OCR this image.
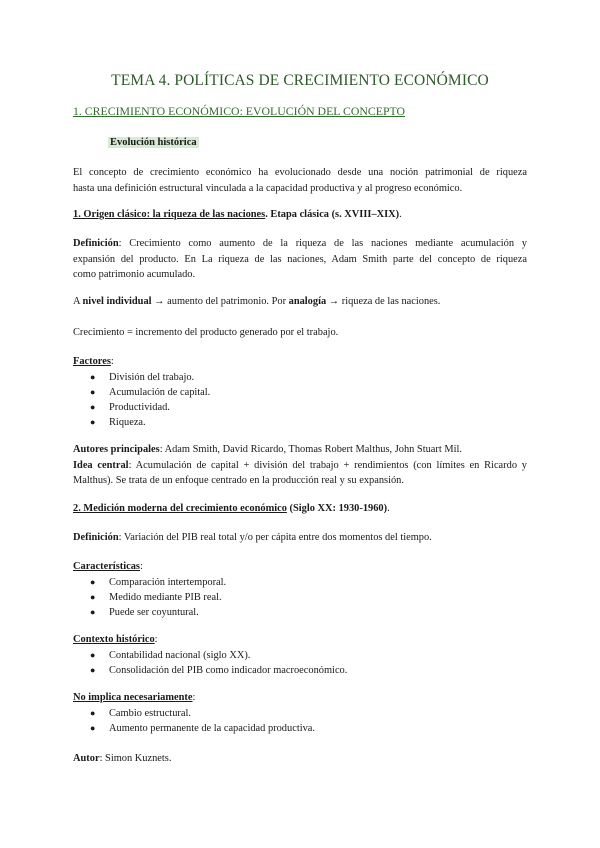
TEMA 4. POLÍTICAS DE CRECIMIENTO ECONÓMICO
1. CRECIMIENTO ECONÓMICO: EVOLUCIÓN DEL CONCEPTO
Evolución histórica
El concepto de crecimiento económico ha evolucionado desde una noción patrimonial de riqueza
hasta una definición estructural vinculada a la capacidad productiva y al progreso económico.
1. Origen clásico: la riqueza de las naciones. Etapa clásica (s. XVIII–XIX).
Definición: Crecimiento como aumento de la riqueza de las naciones mediante acumulación y
expansión del producto. En La riqueza de las naciones, Adam Smith parte del concepto de riqueza
como patrimonio acumulado.
A nivel individual → aumento del patrimonio. Por analogía → riqueza de las naciones.
Crecimiento = incremento del producto generado por el trabajo.
Factores:
● División del trabajo.
● Acumulación de capital.
● Productividad.
● Riqueza.
Autores principales: Adam Smith, David Ricardo, Thomas Robert Malthus, John Stuart Mil.
Idea central: Acumulación de capital + división del trabajo + rendimientos (con límites en Ricardo y
Malthus). Se trata de un enfoque centrado en la producción real y su expansión.
2. Medición moderna del crecimiento económico (Siglo XX: 1930-1960).
Definición: Variación del PIB real total y/o per cápita entre dos momentos del tiempo.
Características:
● Comparación intertemporal.
● Medido mediante PIB real.
● Puede ser coyuntural.
Contexto histórico:
● Contabilidad nacional (siglo XX).
● Consolidación del PIB como indicador macroeconómico.
No implica necesariamente:
● Cambio estructural.
● Aumento permanente de la capacidad productiva.
Autor: Simon Kuznets.
